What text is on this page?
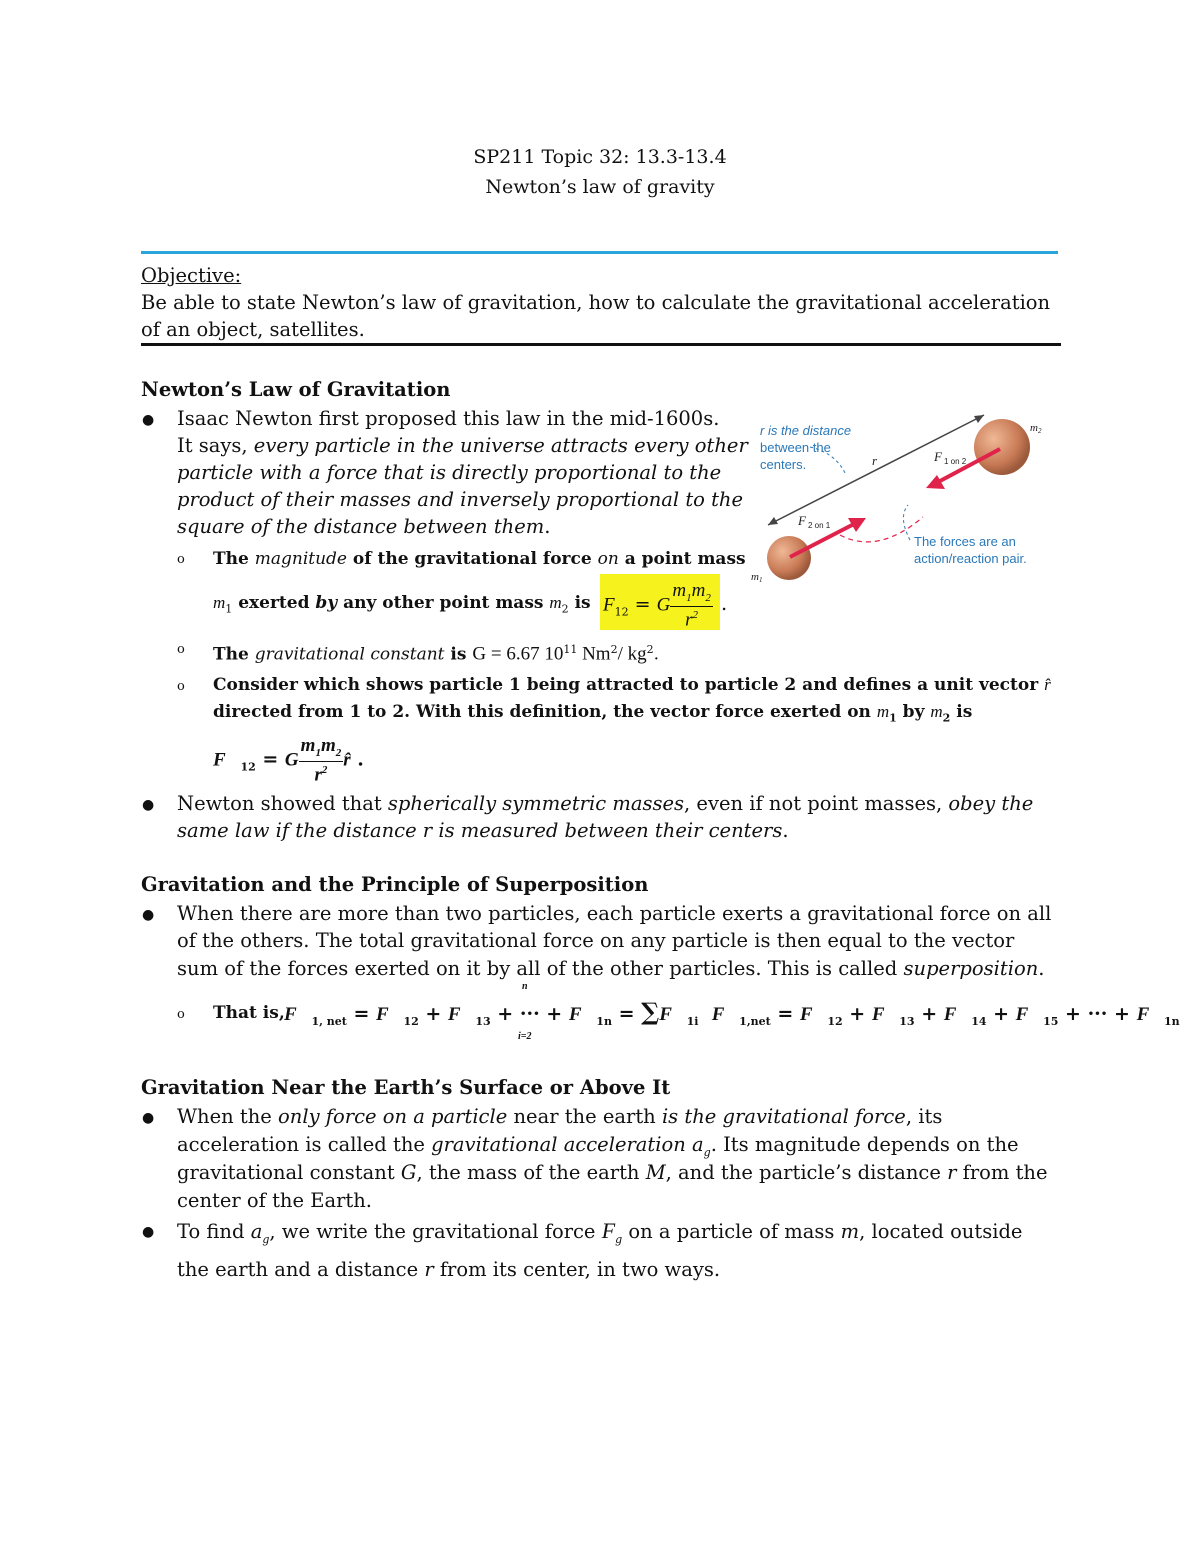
SP211 Topic 32: 13.3-13.4
Newton’s law of gravity
Objective:
Be able to state Newton’s law of gravitation, how to calculate the gravitational acceleration
of an object, satellites.
Newton’s Law of Gravitation
● Isaac Newton first proposed this law in the mid-1600s.
It says, every particle in the universe attracts every other
particle with a force that is directly proportional to the
product of their masses and inversely proportional to the
square of the distance between them.
o The magnitude of the gravitational force on a point mass
$m_1$ exerted by any other point mass $m_2$ is $F_{12} = G \frac{m_1m_2}{r^2}$ .
o The gravitational constant is G = 6.67 $10^{11}$ Nm$^2$/ $kg^2$.
o Consider which shows particle 1 being attracted to particle 2 and defines a unit vector r̂
directed from 1 to 2. With this definition, the vector force exerted on $m_1$ by $m_2$ is
$F⃗_{12} = G \frac{m_1m_2}{r^2}$ r̂ .
● Newton showed that spherically symmetric masses, even if not point masses, obey the
same law if the distance r is measured between their centers.
r is the distance
between the
centers.	r	F 1 on 2
F 2 on 1
m1
m2
The forces are an
action/reaction pair.
Gravitation and the Principle of Superposition
● When there are more than two particles, each particle exerts a gravitational force on all
of the others. The total gravitational force on any particle is then equal to the vector
sum of the forces exerted on it by all of the other particles. This is called superposition.
o That is, $F⃗_{1, net}$ = $F⃗_{12}$ + $F⃗_{13}$ + ··· + $F⃗_{1n}$ = $\sum F⃗_{1i}$ $F⃗_{1,net}$ = $F⃗_{12}$ + $F⃗_{13}$ + $F⃗_{14}$ + $F⃗_{15}$ + ··· + $F⃗_{1n}$
n
i=2
Gravitation Near the Earth’s Surface or Above It
● When the only force on a particle near the earth is the gravitational force, its
acceleration is called the gravitational acceleration $a_g$. Its magnitude depends on the
gravitational constant G, the mass of the earth M, and the particle’s distance r from the
center of the Earth.
● To find $a_g$, we write the gravitational force $F_g$ on a particle of mass m, located outside
the earth and a distance r from its center, in two ways.
